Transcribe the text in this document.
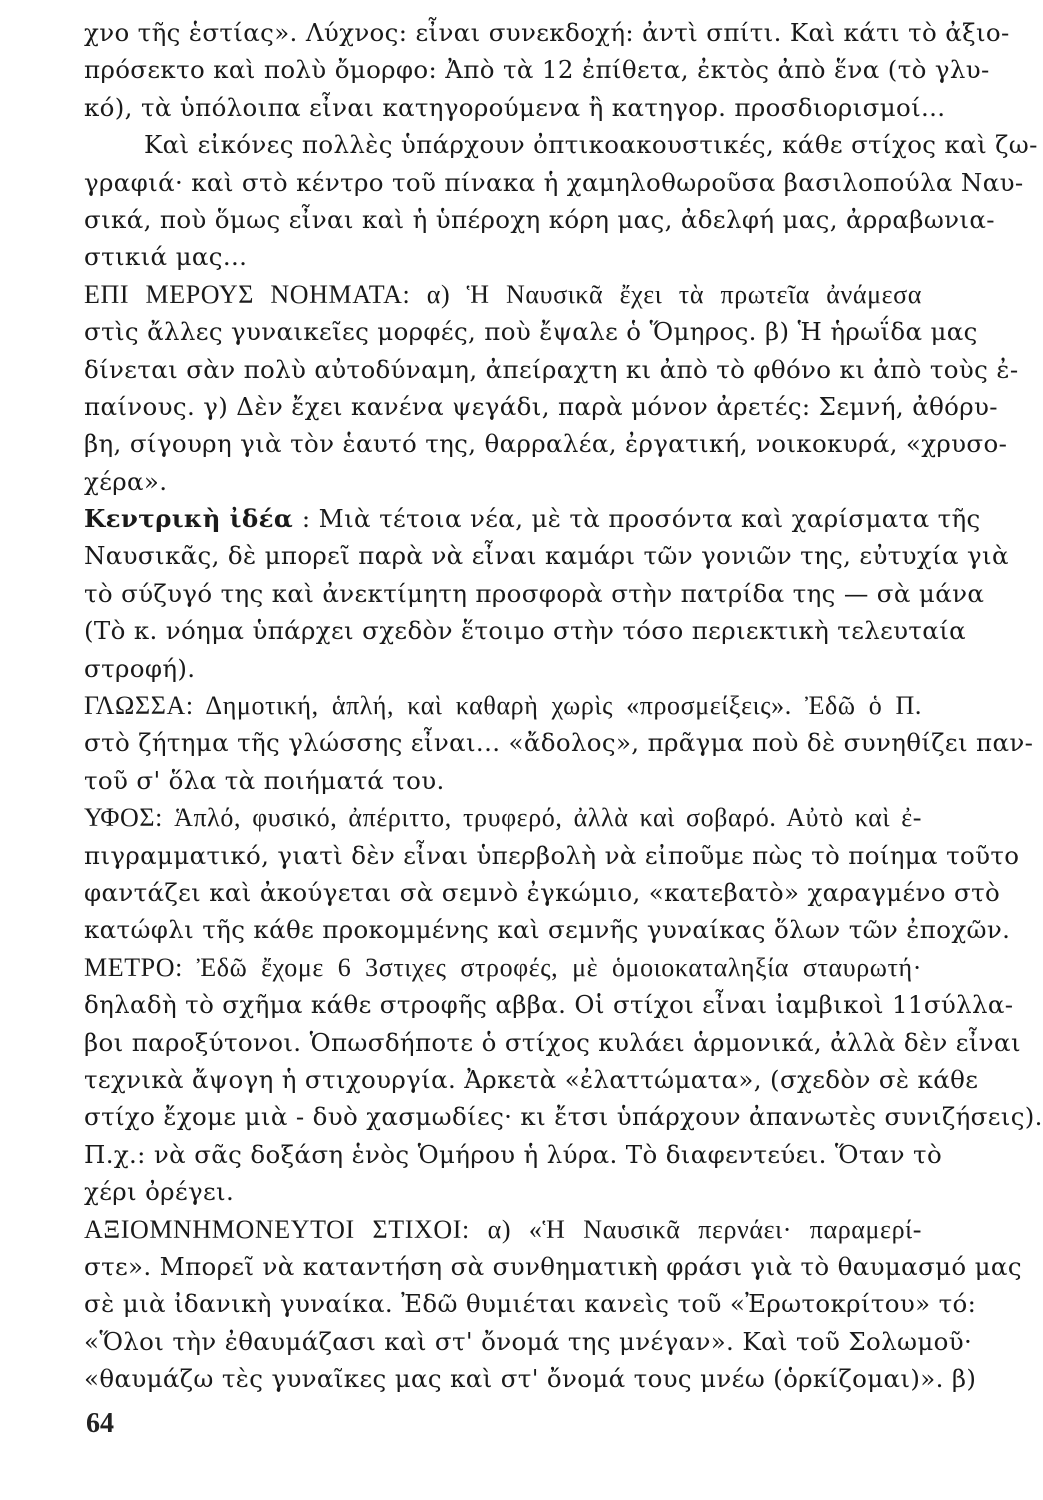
χνο τῆς ἑστίας». Λύχνος: εἶναι συνεκδοχή: ἀντὶ σπίτι. Καὶ κάτι τὸ ἀξιο-
πρόσεκτο καὶ πολὺ ὄμορφο: Ἀπὸ τὰ 12 ἐπίθετα, ἐκτὸς ἀπὸ ἕνα (τὸ γλυ-
κό), τὰ ὑπόλοιπα εἶναι κατηγορούμενα ἢ κατηγορ. προσδιορισμοί...
Καὶ εἰκόνες πολλὲς ὑπάρχουν ὀπτικοακουστικές, κάθε στίχος καὶ ζω-
γραφιά· καὶ στὸ κέντρο τοῦ πίνακα ἡ χαμηλοθωροῦσα βασιλοπούλα Ναυ-
σικά, ποὺ ὅμως εἶναι καὶ ἡ ὑπέροχη κόρη μας, ἀδελφή μας, ἀρραβωνια-
στικιά μας...
ΕΠΙ ΜΕΡΟΥΣ ΝΟΗΜΑΤΑ: α) Ἡ Ναυσικᾶ ἔχει τὰ πρωτεῖα ἀνάμεσα
στὶς ἄλλες γυναικεῖες μορφές, ποὺ ἔψαλε ὁ Ὅμηρος. β) Ἡ ἡρωΐδα μας
δίνεται σὰν πολὺ αὐτοδύναμη, ἀπείραχτη κι ἀπὸ τὸ φθόνο κι ἀπὸ τοὺς ἐ-
παίνους. γ) Δὲν ἔχει κανένα ψεγάδι, παρὰ μόνον ἀρετές: Σεμνή, ἀθόρυ-
βη, σίγουρη γιὰ τὸν ἑαυτό της, θαρραλέα, ἐργατική, νοικοκυρά, «χρυσο-
χέρα».
Κεντρικὴ ἰδέα : Μιὰ τέτοια νέα, μὲ τὰ προσόντα καὶ χαρίσματα τῆς
Ναυσικᾶς, δὲ μπορεῖ παρὰ νὰ εἶναι καμάρι τῶν γονιῶν της, εὐτυχία γιὰ
τὸ σύζυγό της καὶ ἀνεκτίμητη προσφορὰ στὴν πατρίδα της — σὰ μάνα
(Τὸ κ. νόημα ὑπάρχει σχεδὸν ἕτοιμο στὴν τόσο περιεκτικὴ τελευταία
στροφή).
ΓΛΩΣΣΑ: Δημοτική, ἁπλή, καὶ καθαρὴ χωρὶς «προσμείξεις». Ἐδῶ ὁ Π.
στὸ ζήτημα τῆς γλώσσης εἶναι... «ἄδολος», πρᾶγμα ποὺ δὲ συνηθίζει παν-
τοῦ σ' ὅλα τὰ ποιήματά του.
ΥΦΟΣ: Ἁπλό, φυσικό, ἀπέριττο, τρυφερό, ἀλλὰ καὶ σοβαρό. Αὐτὸ καὶ ἐ-
πιγραμματικό, γιατὶ δὲν εἶναι ὑπερβολὴ νὰ εἰποῦμε πὼς τὸ ποίημα τοῦτο
φαντάζει καὶ ἀκούγεται σὰ σεμνὸ ἐγκώμιο, «κατεβατὸ» χαραγμένο στὸ
κατώφλι τῆς κάθε προκομμένης καὶ σεμνῆς γυναίκας ὅλων τῶν ἐποχῶν.
ΜΕΤΡΟ: Ἐδῶ ἔχομε 6 3στιχες στροφές, μὲ ὁμοιοκαταληξία σταυρωτή·
δηλαδὴ τὸ σχῆμα κάθε στροφῆς αββα. Οἱ στίχοι εἶναι ἰαμβικοὶ 11σύλλα-
βοι παροξύτονοι. Ὁπωσδήποτε ὁ στίχος κυλάει ἁρμονικά, ἀλλὰ δὲν εἶναι
τεχνικὰ ἄψογη ἡ στιχουργία. Ἀρκετὰ «ἐλαττώματα», (σχεδὸν σὲ κάθε
στίχο ἔχομε μιὰ - δυὸ χασμωδίες· κι ἔτσι ὑπάρχουν ἀπανωτὲς συνιζήσεις).
Π.χ.: νὰ σᾶς δοξάση ἑνὸς Ὁμήρου ἡ λύρα. Τὸ διαφεντεύει. Ὅταν τὸ
χέρι ὀρέγει.
ΑΞΙΟΜΝΗΜΟΝΕΥΤΟΙ ΣΤΙΧΟΙ: α) «Ἡ Ναυσικᾶ περνάει· παραμερί-
στε». Μπορεῖ νὰ καταντήση σὰ συνθηματικὴ φράσι γιὰ τὸ θαυμασμό μας
σὲ μιὰ ἰδανικὴ γυναίκα. Ἐδῶ θυμιέται κανεὶς τοῦ «Ἐρωτοκρίτου» τό:
«Ὅλοι τὴν ἐθαυμάζασι καὶ στ' ὄνομά της μνέγαν». Καὶ τοῦ Σολωμοῦ·
«θαυμάζω τὲς γυναῖκες μας καὶ στ' ὄνομά τους μνέω (ὁρκίζομαι)». β)
64
